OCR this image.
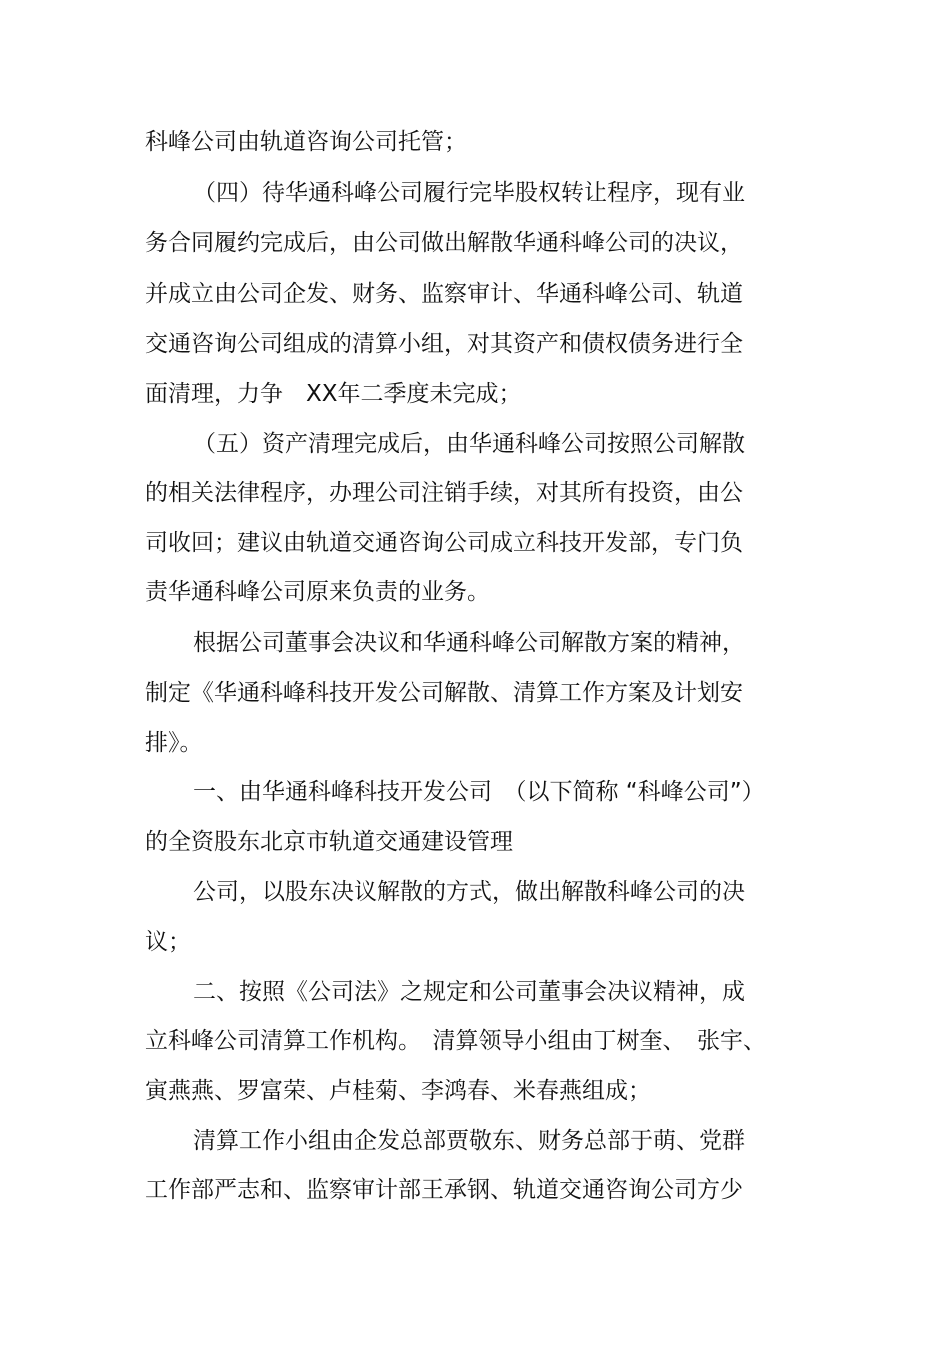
科峰公司由轨道咨询公司托管；
（四）待华通科峰公司履行完毕股权转让程序，现有业
务合同履约完成后，由公司做出解散华通科峰公司的决议，
并成立由公司企发、财务、监察审计、华通科峰公司、轨道
交通咨询公司组成的清算小组，对其资产和债权债务进行全
面清理，力争　XX年二季度未完成；
（五）资产清理完成后，由华通科峰公司按照公司解散
的相关法律程序，办理公司注销手续，对其所有投资，由公
司收回；建议由轨道交通咨询公司成立科技开发部，专门负
责华通科峰公司原来负责的业务。
根据公司董事会决议和华通科峰公司解散方案的精神，
制定《华通科峰科技开发公司解散、清算工作方案及计划安
排》。
一、由华通科峰科技开发公司　（以下简称 “科峰公司”）
的全资股东北京市轨道交通建设管理
公司，以股东决议解散的方式，做出解散科峰公司的决
议；
二、按照《公司法》之规定和公司董事会决议精神，成
立科峰公司清算工作机构。　清算领导小组由丁树奎、　张宇、
寅燕燕、罗富荣、卢桂菊、李鸿春、米春燕组成；
清算工作小组由企发总部贾敬东、财务总部于萌、党群
工作部严志和、监察审计部王承钢、轨道交通咨询公司方少
